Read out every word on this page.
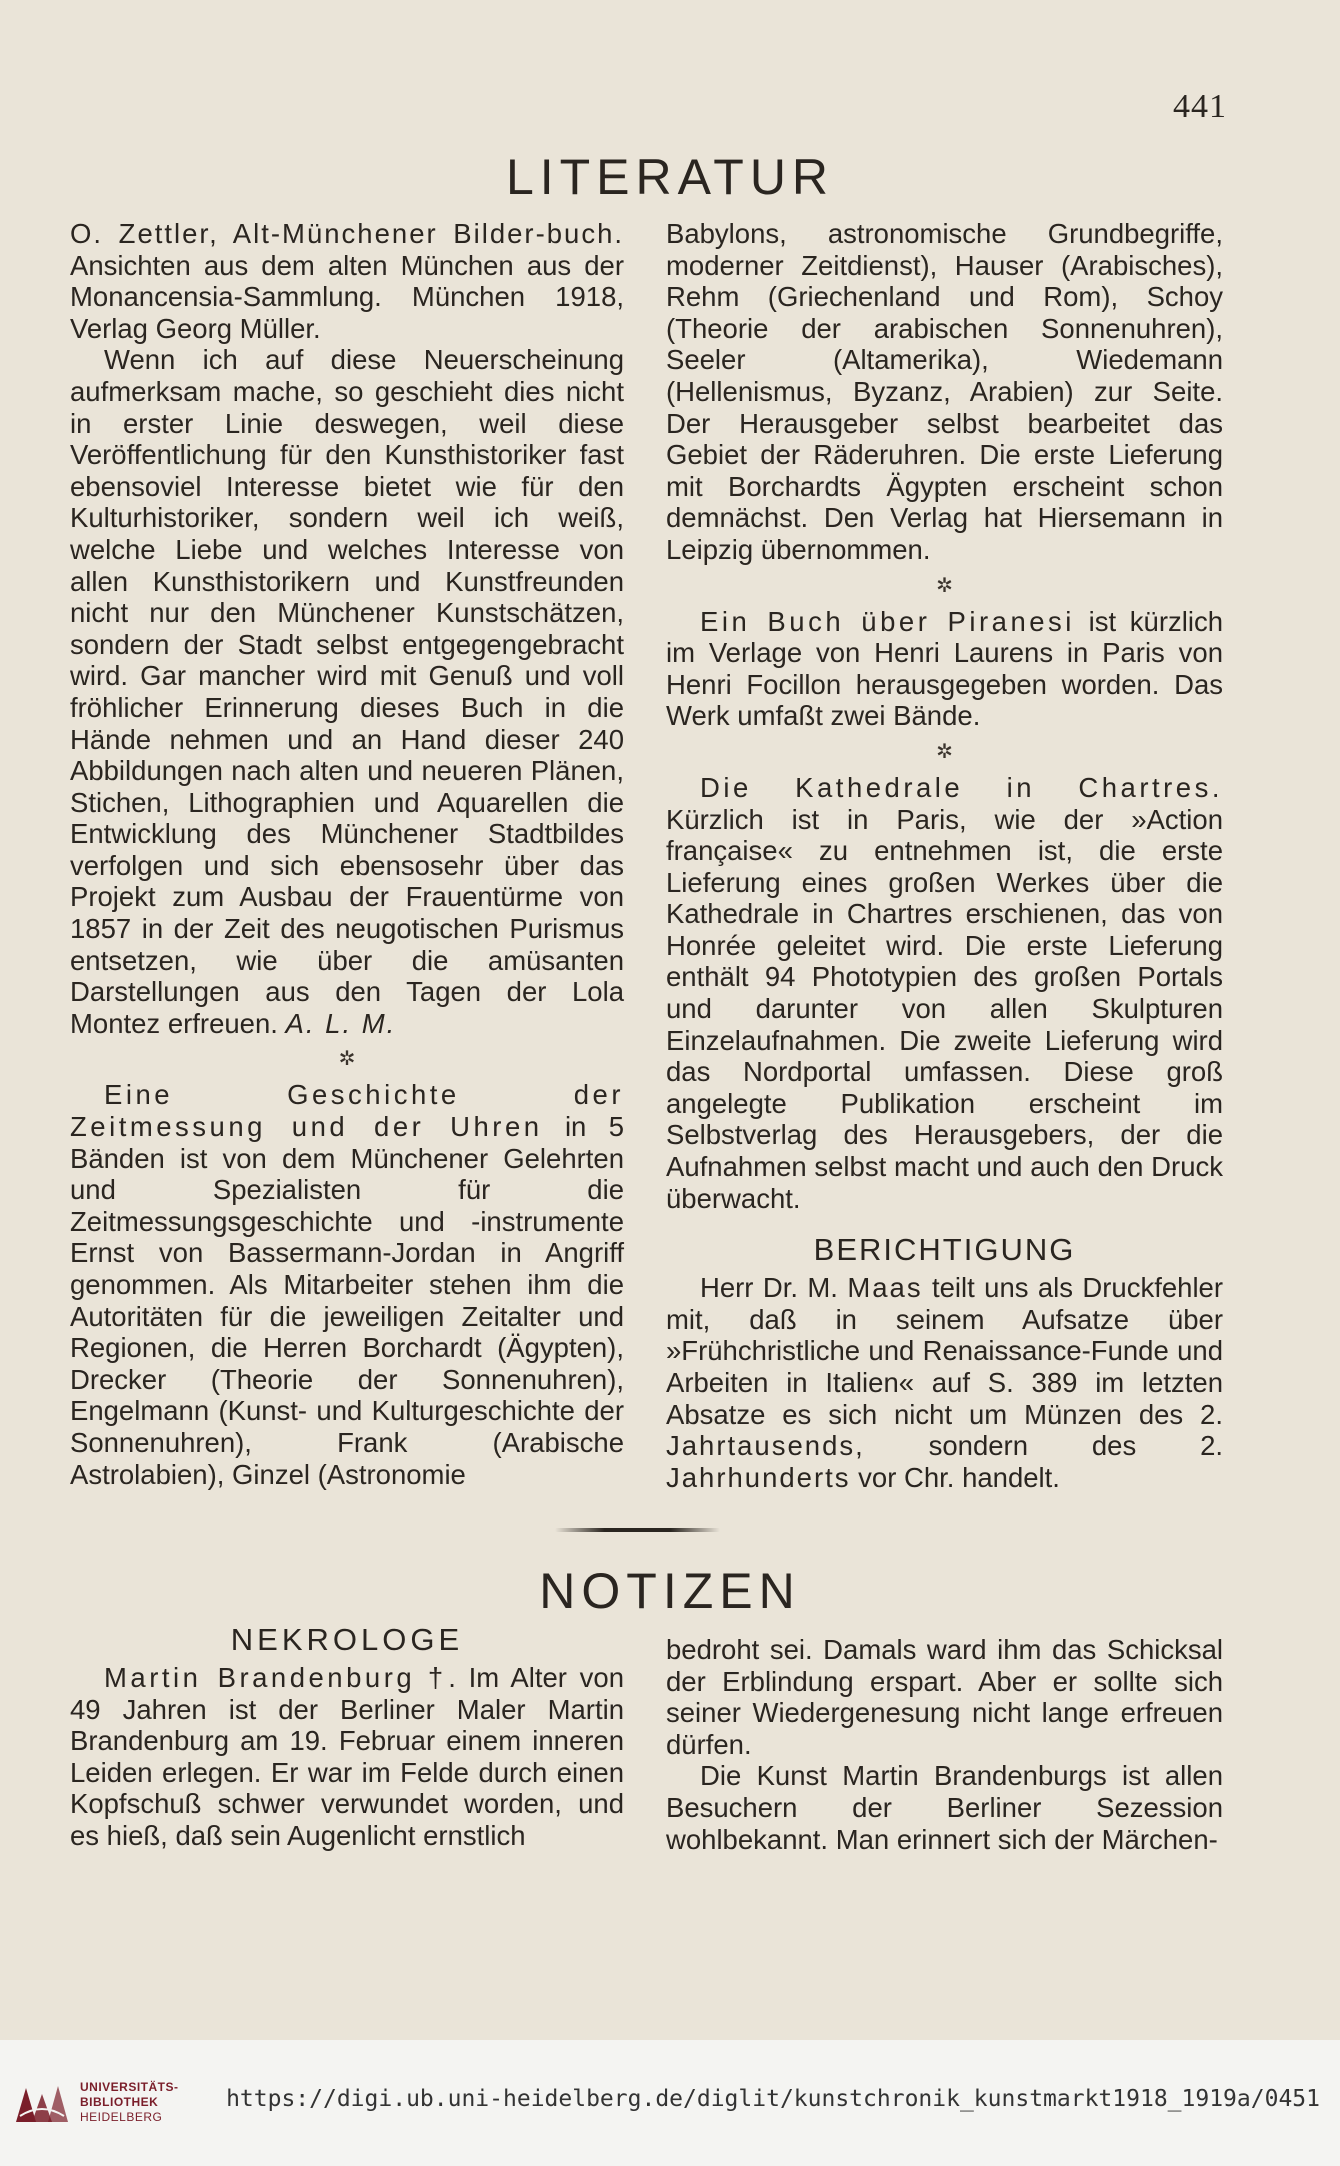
441
LITERATUR

O. Zettler, Alt-Münchener Bilder-buch. Ansichten aus dem alten München aus der Monancensia-Sammlung. München 1918, Verlag Georg Müller.

Wenn ich auf diese Neuerscheinung aufmerksam mache, so geschieht dies nicht in erster Linie deswegen, weil diese Veröffentlichung für den Kunsthistoriker fast ebensoviel Interesse bietet wie für den Kulturhistoriker, sondern weil ich weiß, welche Liebe und welches Interesse von allen Kunsthistorikern und Kunstfreunden nicht nur den Münchener Kunstschätzen, sondern der Stadt selbst entgegengebracht wird. Gar mancher wird mit Genuß und voll fröhlicher Erinnerung dieses Buch in die Hände nehmen und an Hand dieser 240 Abbildungen nach alten und neueren Plänen, Stichen, Lithographien und Aquarellen die Entwicklung des Münchener Stadtbildes verfolgen und sich ebensosehr über das Projekt zum Ausbau der Frauentürme von 1857 in der Zeit des neugotischen Purismus entsetzen, wie über die amüsanten Darstellungen aus den Tagen der Lola Montez erfreuen. A. L. M.

✲

Eine Geschichte der Zeitmessung und der Uhren in 5 Bänden ist von dem Münchener Gelehrten und Spezialisten für die Zeitmessungsgeschichte und -instrumente Ernst von Bassermann-Jordan in Angriff genommen. Als Mitarbeiter stehen ihm die Autoritäten für die jeweiligen Zeitalter und Regionen, die Herren Borchardt (Ägypten), Drecker (Theorie der Sonnenuhren), Engelmann (Kunst- und Kulturgeschichte der Sonnenuhren), Frank (Arabische Astrolabien), Ginzel (Astronomie

Babylons, astronomische Grundbegriffe, moderner Zeitdienst), Hauser (Arabisches), Rehm (Griechenland und Rom), Schoy (Theorie der arabischen Sonnenuhren), Seeler (Altamerika), Wiedemann (Hellenismus, Byzanz, Arabien) zur Seite. Der Herausgeber selbst bearbeitet das Gebiet der Räderuhren. Die erste Lieferung mit Borchardts Ägypten erscheint schon demnächst. Den Verlag hat Hiersemann in Leipzig übernommen.

✲

Ein Buch über Piranesi ist kürzlich im Verlage von Henri Laurens in Paris von Henri Focillon herausgegeben worden. Das Werk umfaßt zwei Bände.

✲

Die Kathedrale in Chartres. Kürzlich ist in Paris, wie der »Action française« zu entnehmen ist, die erste Lieferung eines großen Werkes über die Kathedrale in Chartres erschienen, das von Honrée geleitet wird. Die erste Lieferung enthält 94 Phototypien des großen Portals und darunter von allen Skulpturen Einzelaufnahmen. Die zweite Lieferung wird das Nordportal umfassen. Diese groß angelegte Publikation erscheint im Selbstverlag des Herausgebers, der die Aufnahmen selbst macht und auch den Druck überwacht.

BERICHTIGUNG

Herr Dr. M. Maas teilt uns als Druckfehler mit, daß in seinem Aufsatze über »Frühchristliche und Renaissance-Funde und Arbeiten in Italien« auf S. 389 im letzten Absatze es sich nicht um Münzen des 2. Jahrtausends, sondern des 2. Jahrhunderts vor Chr. handelt.

NOTIZEN
NEKROLOGE

Martin Brandenburg †. Im Alter von 49 Jahren ist der Berliner Maler Martin Brandenburg am 19. Februar einem inneren Leiden erlegen. Er war im Felde durch einen Kopfschuß schwer verwundet worden, und es hieß, daß sein Augenlicht ernstlich

bedroht sei. Damals ward ihm das Schicksal der Erblindung erspart. Aber er sollte sich seiner Wiedergenesung nicht lange erfreuen dürfen.

Die Kunst Martin Brandenburgs ist allen Besuchern der Berliner Sezession wohlbekannt. Man erinnert sich der Märchen-

UNIVERSITÄTS-
BIBLIOTHEK
HEIDELBERG
https://digi.ub.uni-heidelberg.de/diglit/kunstchronik_kunstmarkt1918_1919a/0451
